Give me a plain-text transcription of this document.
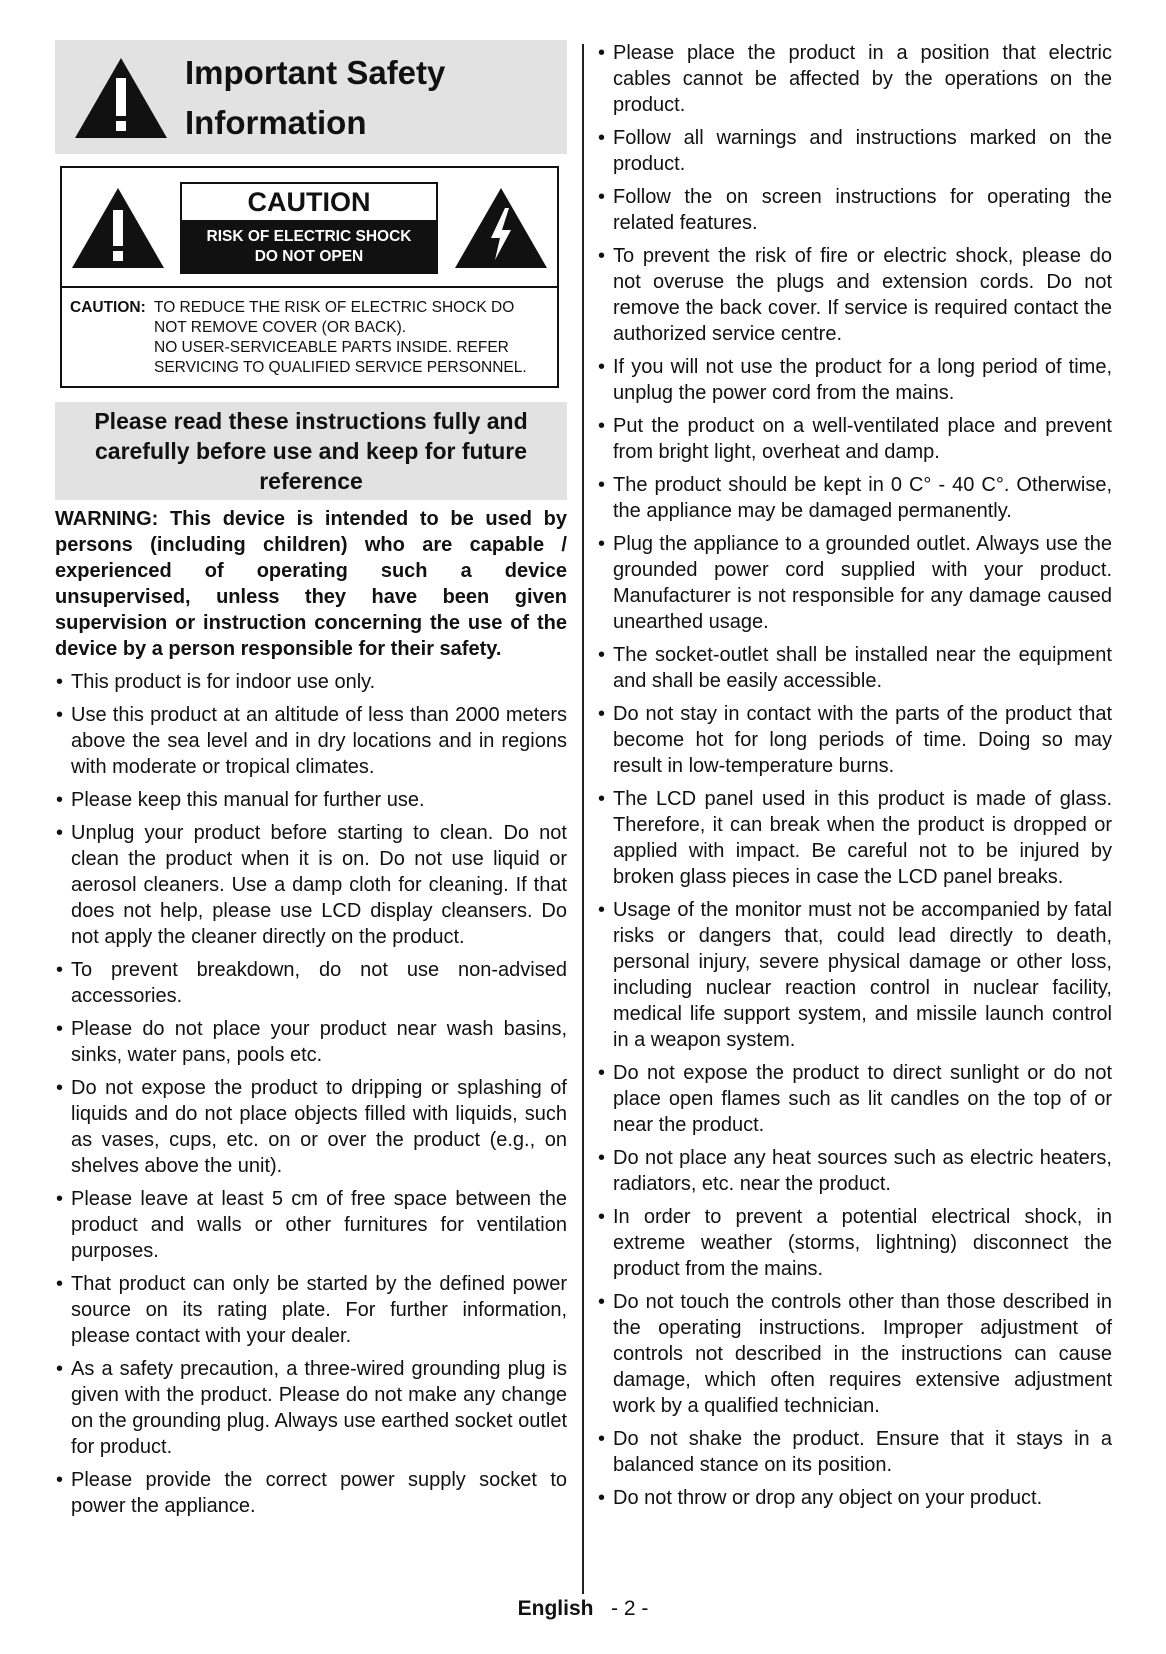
Important Safety
Information
CAUTION
RISK OF ELECTRIC SHOCK
DO NOT OPEN
CAUTION: TO REDUCE THE RISK OF ELECTRIC SHOCK DO
NOT REMOVE COVER (OR BACK).
NO USER-SERVICEABLE PARTS INSIDE. REFER
SERVICING TO QUALIFIED SERVICE PERSONNEL.
Please read these instructions fully and carefully before use and keep for future reference
WARNING: This device is intended to be used by persons (including children) who are capable / experienced of operating such a device unsupervised, unless they have been given supervision or instruction concerning the use of the device by a person responsible for their safety.
• This product is for indoor use only.
• Use this product at an altitude of less than 2000 meters above the sea level and in dry locations and in regions with moderate or tropical climates.
• Please keep this manual for further use.
• Unplug your product before starting to clean. Do not clean the product when it is on. Do not use liquid or aerosol cleaners. Use a damp cloth for cleaning. If that does not help, please use LCD display cleansers. Do not apply the cleaner directly on the product.
• To prevent breakdown, do not use non-advised accessories.
• Please do not place your product near wash basins, sinks, water pans, pools etc.
• Do not expose the product to dripping or splashing of liquids and do not place objects filled with liquids, such as vases, cups, etc. on or over the product (e.g., on shelves above the unit).
• Please leave at least 5 cm of free space between the product and walls or other furnitures for ventilation purposes.
• That product can only be started by the defined power source on its rating plate. For further information, please contact with your dealer.
• As a safety precaution, a three-wired grounding plug is given with the product. Please do not make any change on the grounding plug. Always use earthed socket outlet for product.
• Please provide the correct power supply socket to power the appliance.
• Please place the product in a position that electric cables cannot be affected by the operations on the product.
• Follow all warnings and instructions marked on the product.
• Follow the on screen instructions for operating the related features.
• To prevent the risk of fire or electric shock, please do not overuse the plugs and extension cords. Do not remove the back cover. If service is required contact the authorized service centre.
• If you will not use the product for a long period of time, unplug the power cord from the mains.
• Put the product on a well-ventilated place and prevent from bright light, overheat and damp.
• The product should be kept in 0 C° - 40 C°. Otherwise, the appliance may be damaged permanently.
• Plug the appliance to a grounded outlet. Always use the grounded power cord supplied with your product. Manufacturer is not responsible for any damage caused unearthed usage.
• The socket-outlet shall be installed near the equipment and shall be easily accessible.
• Do not stay in contact with the parts of the product that become hot for long periods of time. Doing so may result in low-temperature burns.
• The LCD panel used in this product is made of glass. Therefore, it can break when the product is dropped or applied with impact. Be careful not to be injured by broken glass pieces in case the LCD panel breaks.
• Usage of the monitor must not be accompanied by fatal risks or dangers that, could lead directly to death, personal injury, severe physical damage or other loss, including nuclear reaction control in nuclear facility, medical life support system, and missile launch control in a weapon system.
• Do not expose the product to direct sunlight or do not place open flames such as lit candles on the top of or near the product.
• Do not place any heat sources such as electric heaters, radiators, etc. near the product.
• In order to prevent a potential electrical shock, in extreme weather (storms, lightning) disconnect the product from the mains.
• Do not touch the controls other than those described in the operating instructions. Improper adjustment of controls not described in the instructions can cause damage, which often requires extensive adjustment work by a qualified technician.
• Do not shake the product. Ensure that it stays in a balanced stance on its position.
• Do not throw or drop any object on your product.
English - 2 -
